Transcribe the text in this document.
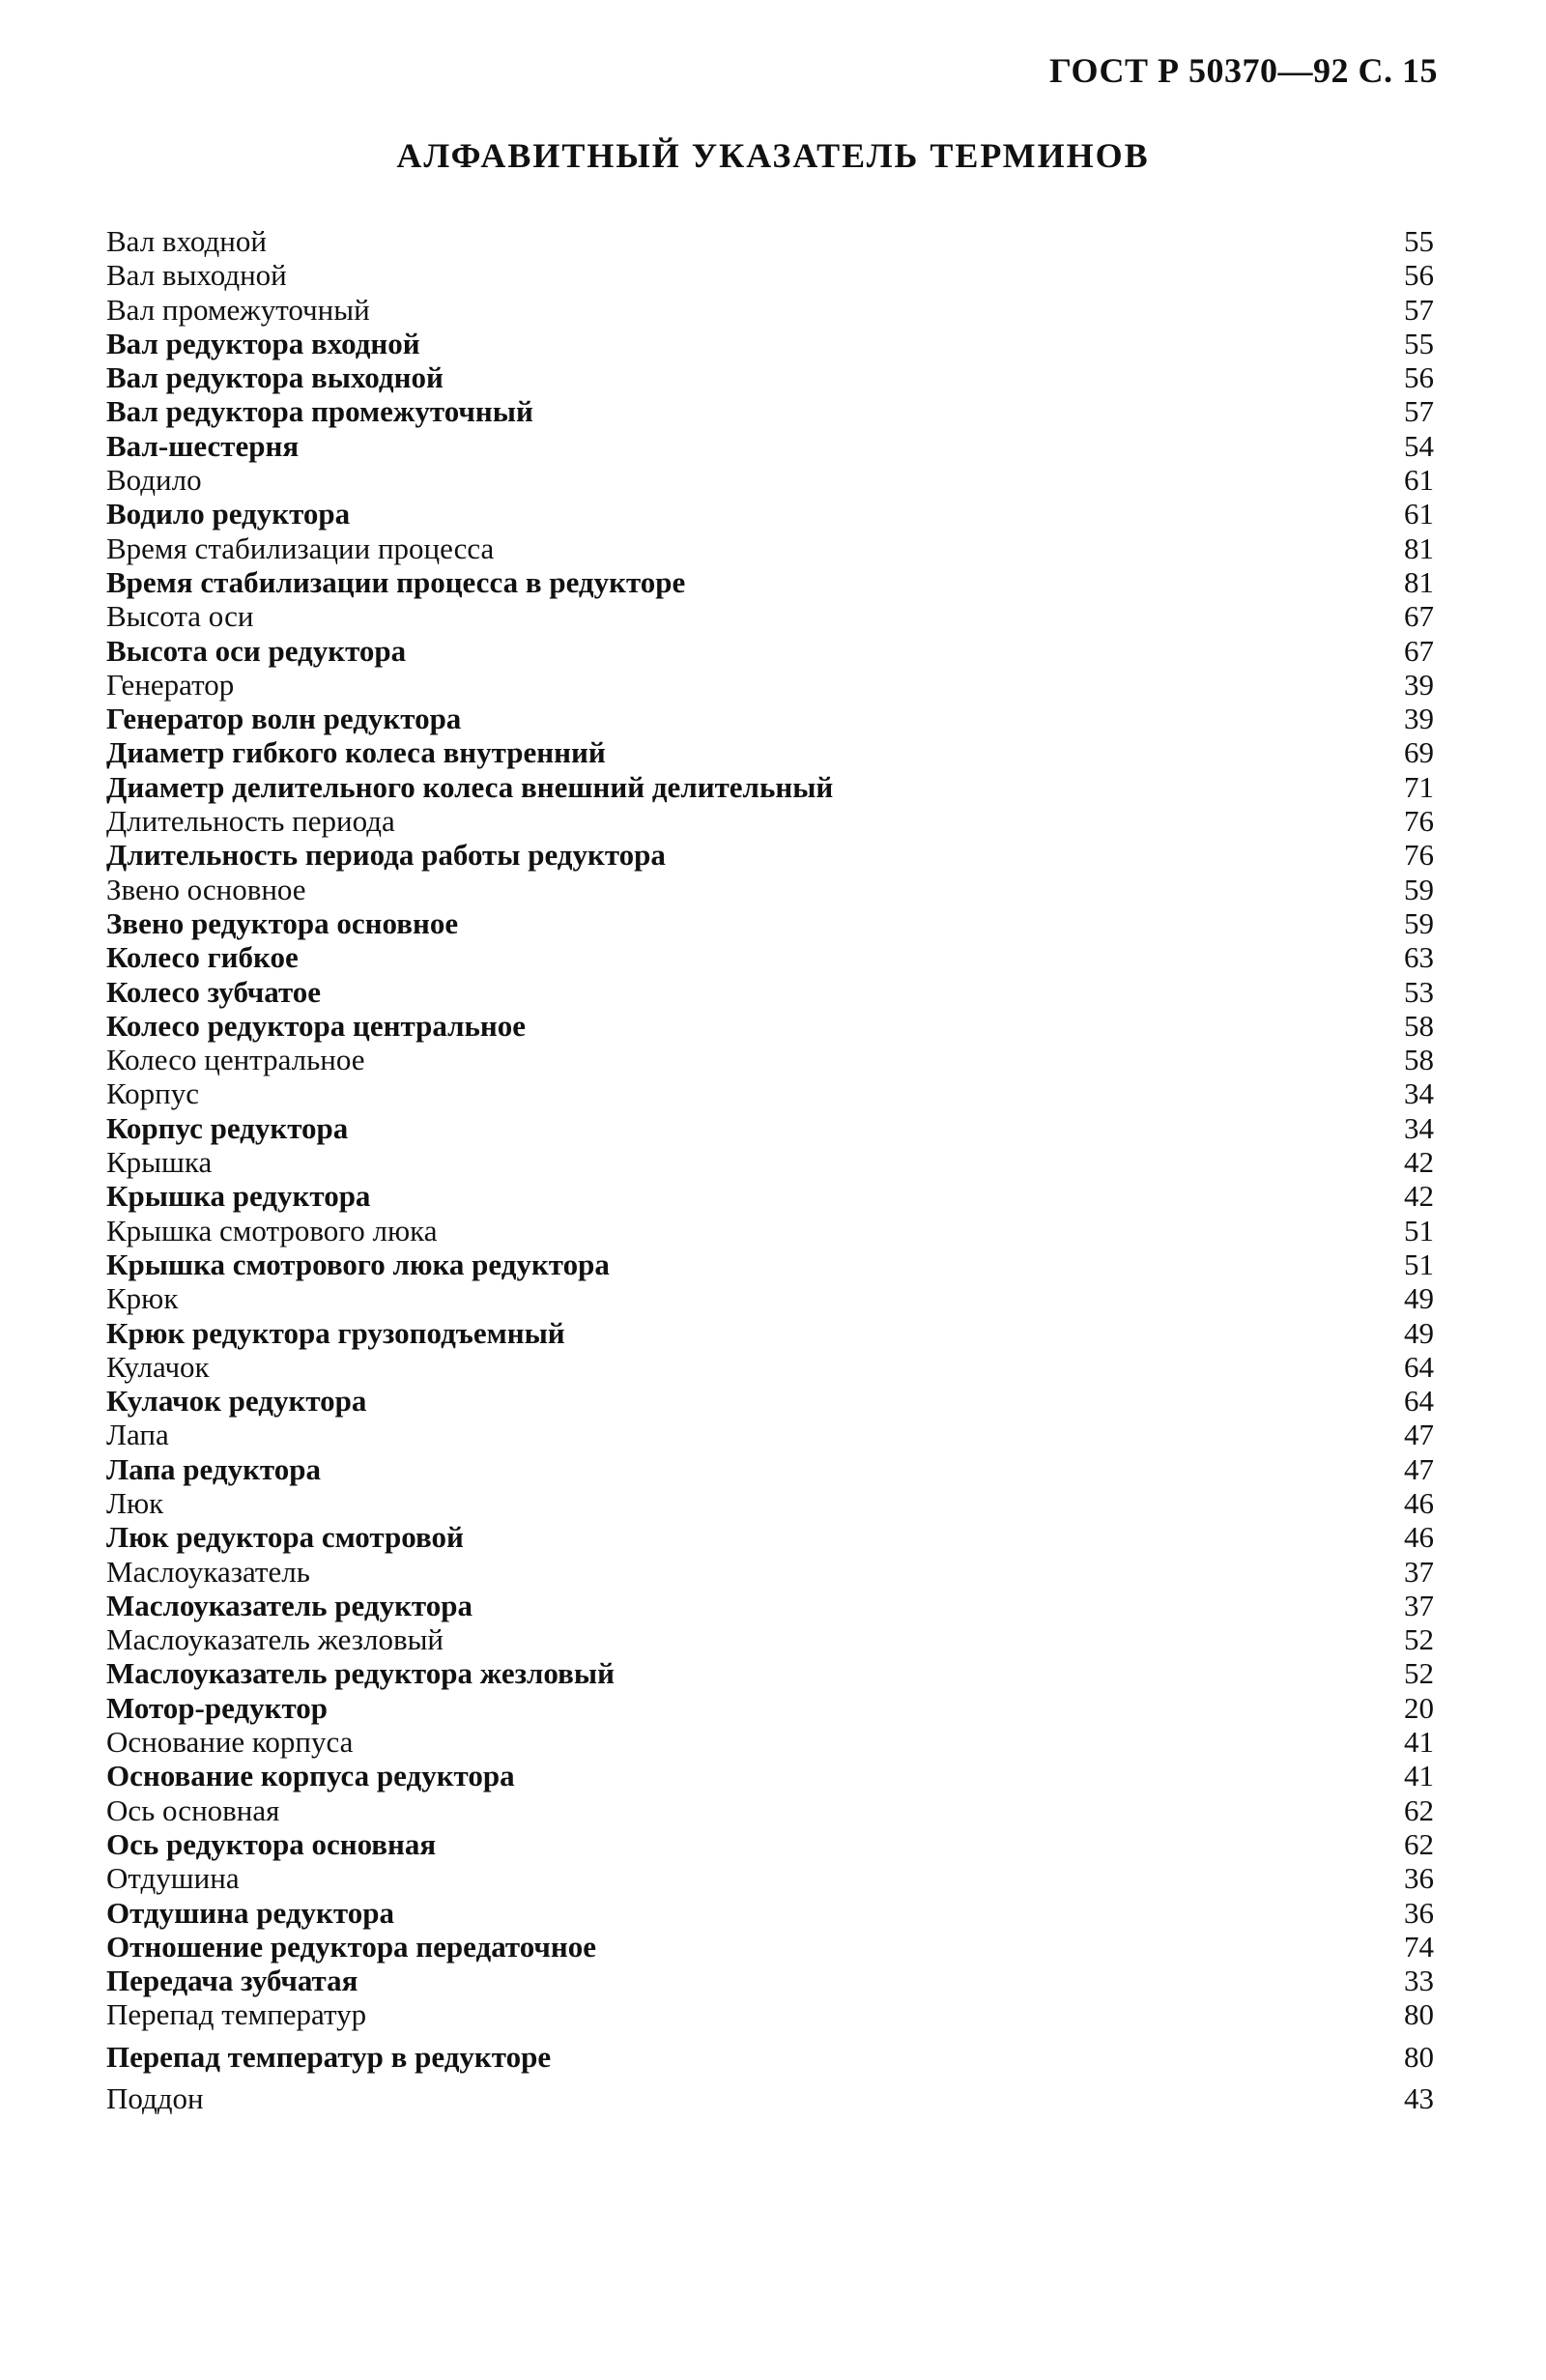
ГОСТ Р 50370—92 С. 15
АЛФАВИТНЫЙ УКАЗАТЕЛЬ ТЕРМИНОВ
Вал входной	55
Вал выходной	56
Вал промежуточный	57
Вал редуктора входной	55
Вал редуктора выходной	56
Вал редуктора промежуточный	57
Вал-шестерня	54
Водило	61
Водило редуктора	61
Время стабилизации процесса	81
Время стабилизации процесса в редукторе	81
Высота оси	67
Высота оси редуктора	67
Генератор	39
Генератор волн редуктора	39
Диаметр гибкого колеса внутренний	69
Диаметр делительного колеса внешний делительный	71
Длительность периода	76
Длительность периода работы редуктора	76
Звено основное	59
Звено редуктора основное	59
Колесо гибкое	63
Колесо зубчатое	53
Колесо редуктора центральное	58
Колесо центральное	58
Корпус	34
Корпус редуктора	34
Крышка	42
Крышка редуктора	42
Крышка смотрового люка	51
Крышка смотрового люка редуктора	51
Крюк	49
Крюк редуктора грузоподъемный	49
Кулачок	64
Кулачок редуктора	64
Лапа	47
Лапа редуктора	47
Люк	46
Люк редуктора смотровой	46
Маслоуказатель	37
Маслоуказатель редуктора	37
Маслоуказатель жезловый	52
Маслоуказатель редуктора жезловый	52
Мотор-редуктор	20
Основание корпуса	41
Основание корпуса редуктора	41
Ось основная	62
Ось редуктора основная	62
Отдушина	36
Отдушина редуктора	36
Отношение редуктора передаточное	74
Передача зубчатая	33
Перепад температур	80
Перепад температур в редукторе	80
Поддон	43
